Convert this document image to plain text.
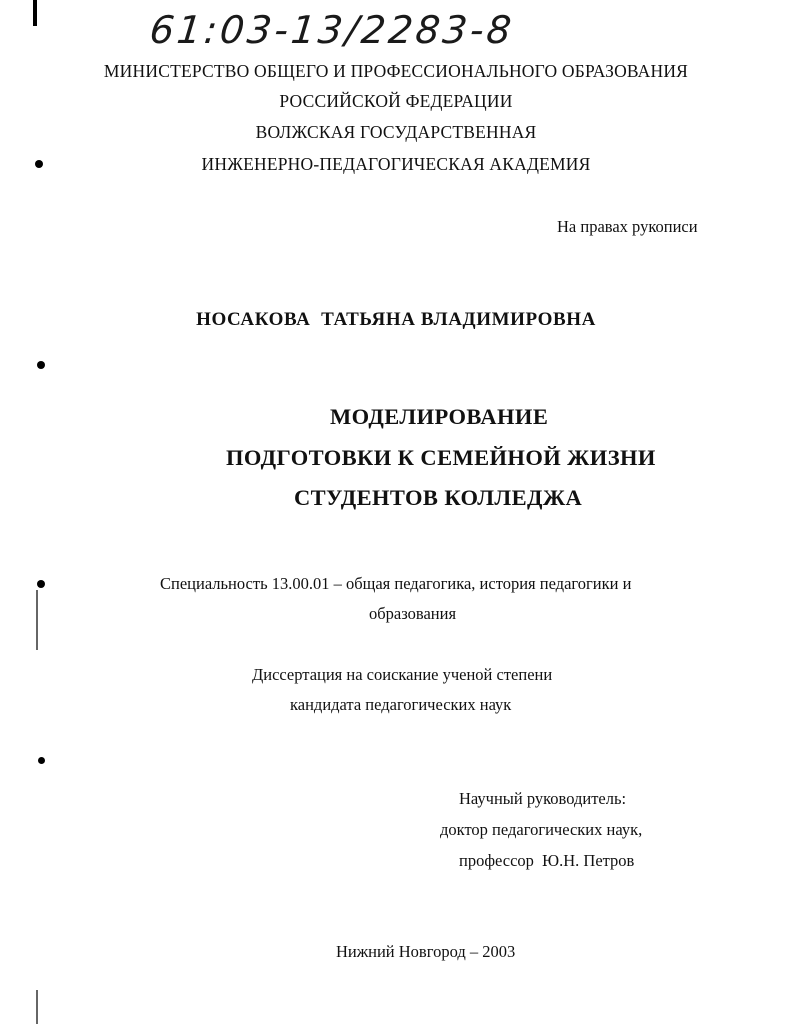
61:03-13/2283-8
МИНИСТЕРСТВО ОБЩЕГО И ПРОФЕССИОНАЛЬНОГО ОБРАЗОВАНИЯ
РОССИЙСКОЙ ФЕДЕРАЦИИ
ВОЛЖСКАЯ ГОСУДАРСТВЕННАЯ
ИНЖЕНЕРНО-ПЕДАГОГИЧЕСКАЯ АКАДЕМИЯ
На правах рукописи
НОСАКОВА  ТАТЬЯНА ВЛАДИМИРОВНА
МОДЕЛИРОВАНИЕ
ПОДГОТОВКИ К СЕМЕЙНОЙ ЖИЗНИ
СТУДЕНТОВ КОЛЛЕДЖА
Специальность 13.00.01 – общая педагогика, история педагогики и
образования
Диссертация на соискание ученой степени
кандидата педагогических наук
Научный руководитель:
доктор педагогических наук,
профессор  Ю.Н. Петров
Нижний Новгород – 2003
